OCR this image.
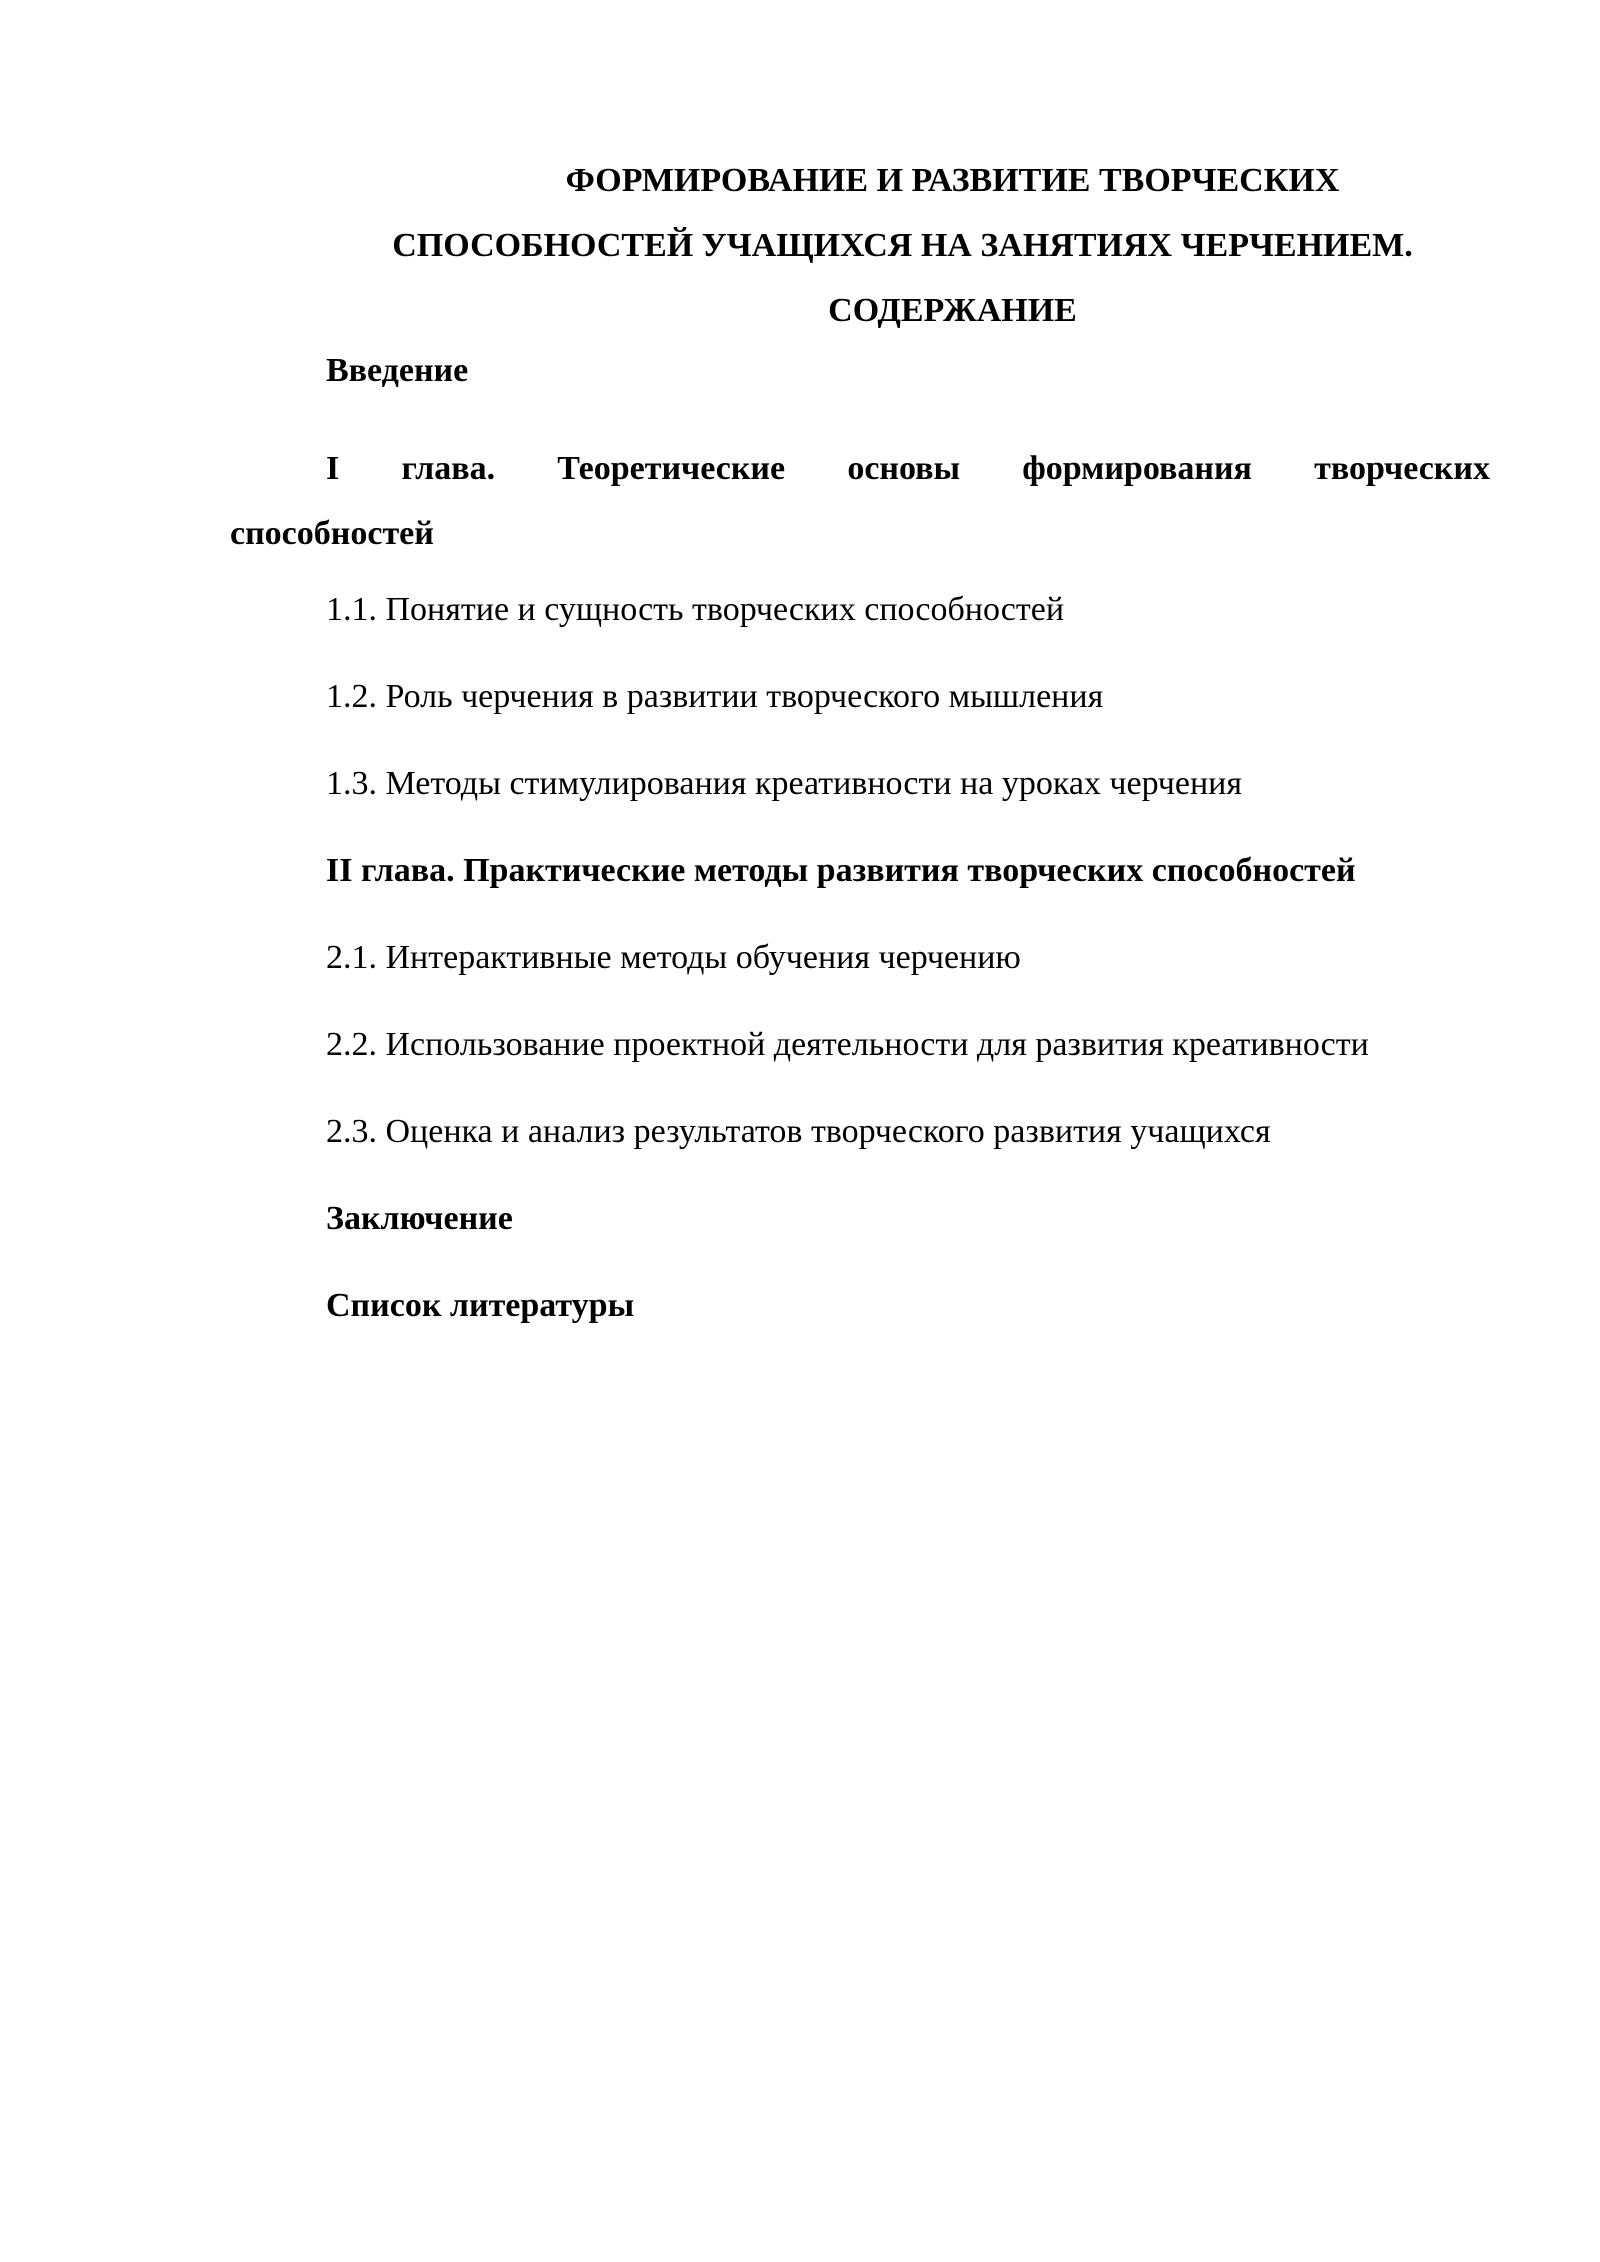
ФОРМИРОВАНИЕ И РАЗВИТИЕ ТВОРЧЕСКИХ
СПОСОБНОСТЕЙ УЧАЩИХСЯ НА ЗАНЯТИЯХ ЧЕРЧЕНИЕМ.
СОДЕРЖАНИЕ
Введение
I глава. Теоретические основы формирования творческих
способностей
1.1. Понятие и сущность творческих способностей
1.2. Роль черчения в развитии творческого мышления
1.3. Методы стимулирования креативности на уроках черчения
II глава. Практические методы развития творческих способностей
2.1. Интерактивные методы обучения черчению
2.2. Использование проектной деятельности для развития креативности
2.3. Оценка и анализ результатов творческого развития учащихся
Заключение
Список литературы
